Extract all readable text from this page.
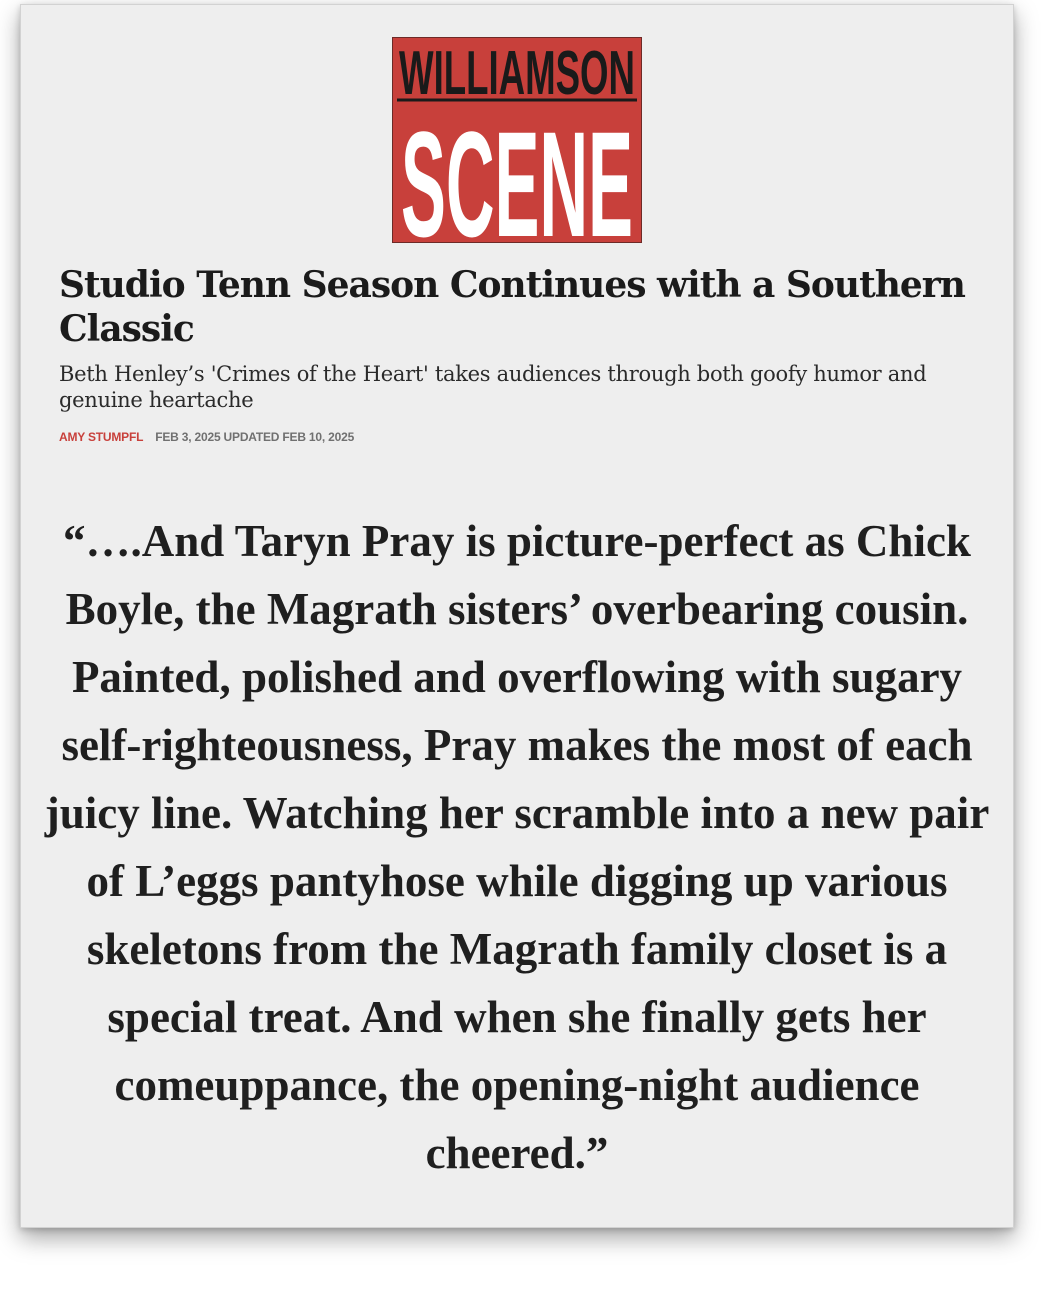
WILLIAMSON
SCENE
Studio Tenn Season Continues with a Southern Classic

Beth Henley’s 'Crimes of the Heart' takes audiences through both goofy humor and genuine heartache

AMY STUMPFL FEB 3, 2025 UPDATED FEB 10, 2025

“….And Taryn Pray is picture-perfect as Chick Boyle, the Magrath sisters’ overbearing cousin. Painted, polished and overflowing with sugary self-righteousness, Pray makes the most of each juicy line. Watching her scramble into a new pair of L’eggs pantyhose while digging up various skeletons from the Magrath family closet is a special treat. And when she finally gets her comeuppance, the opening-night audience cheered.”
